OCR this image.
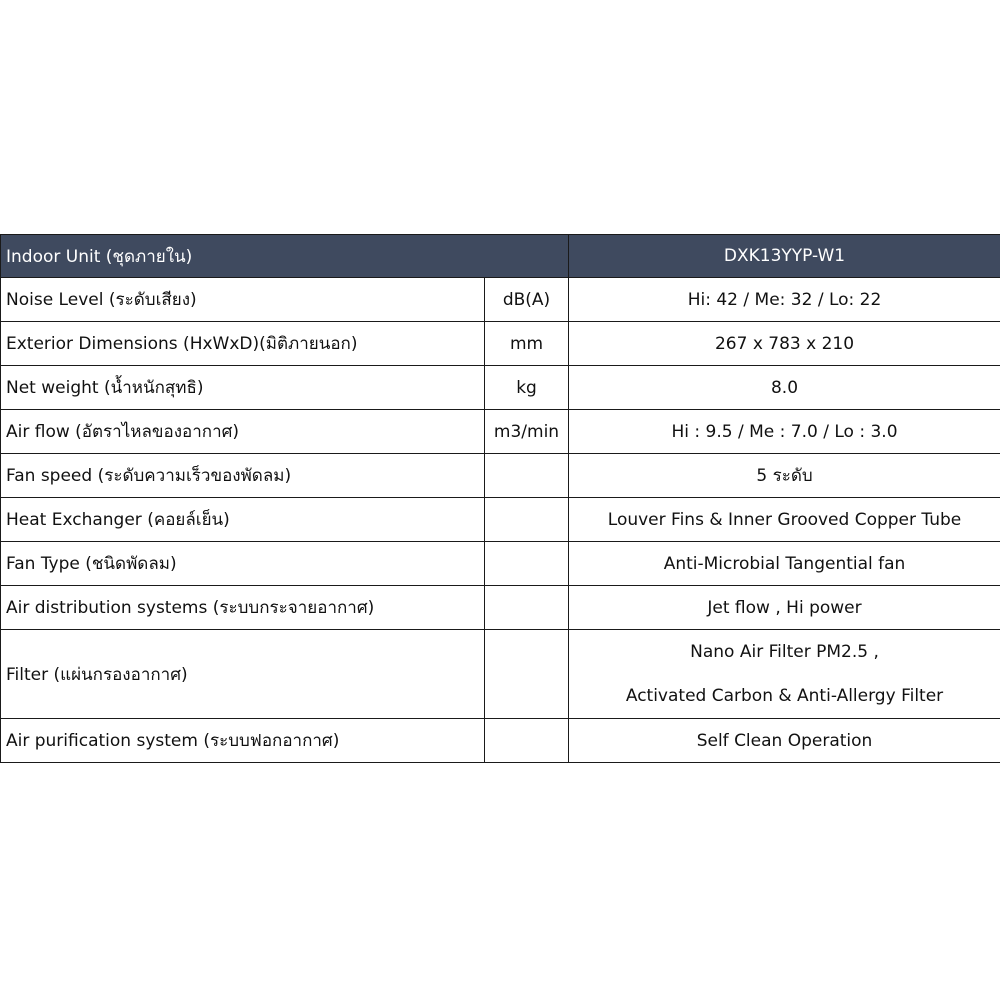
Indoor Unit (ชุดภายใน)		DXK13YYP-W1
Noise Level (ระดับเสียง)	dB(A)	Hi: 42 / Me: 32 / Lo: 22
Exterior Dimensions (HxWxD)(มิติภายนอก)	mm	267 x 783 x 210
Net weight (น้ำหนักสุทธิ)	kg	8.0
Air flow (อัตราไหลของอากาศ)	m3/min	Hi : 9.5 / Me : 7.0 / Lo : 3.0
Fan speed (ระดับความเร็วของพัดลม)		5 ระดับ
Heat Exchanger (คอยล์เย็น)		Louver Fins & Inner Grooved Copper Tube
Fan Type (ชนิดพัดลม)		Anti-Microbial Tangential fan
Air distribution systems (ระบบกระจายอากาศ)		Jet flow , Hi power
Filter (แผ่นกรองอากาศ)		Nano Air Filter PM2.5 ,
Activated Carbon & Anti-Allergy Filter

Air purification system (ระบบฟอกอากาศ)		Self Clean Operation
